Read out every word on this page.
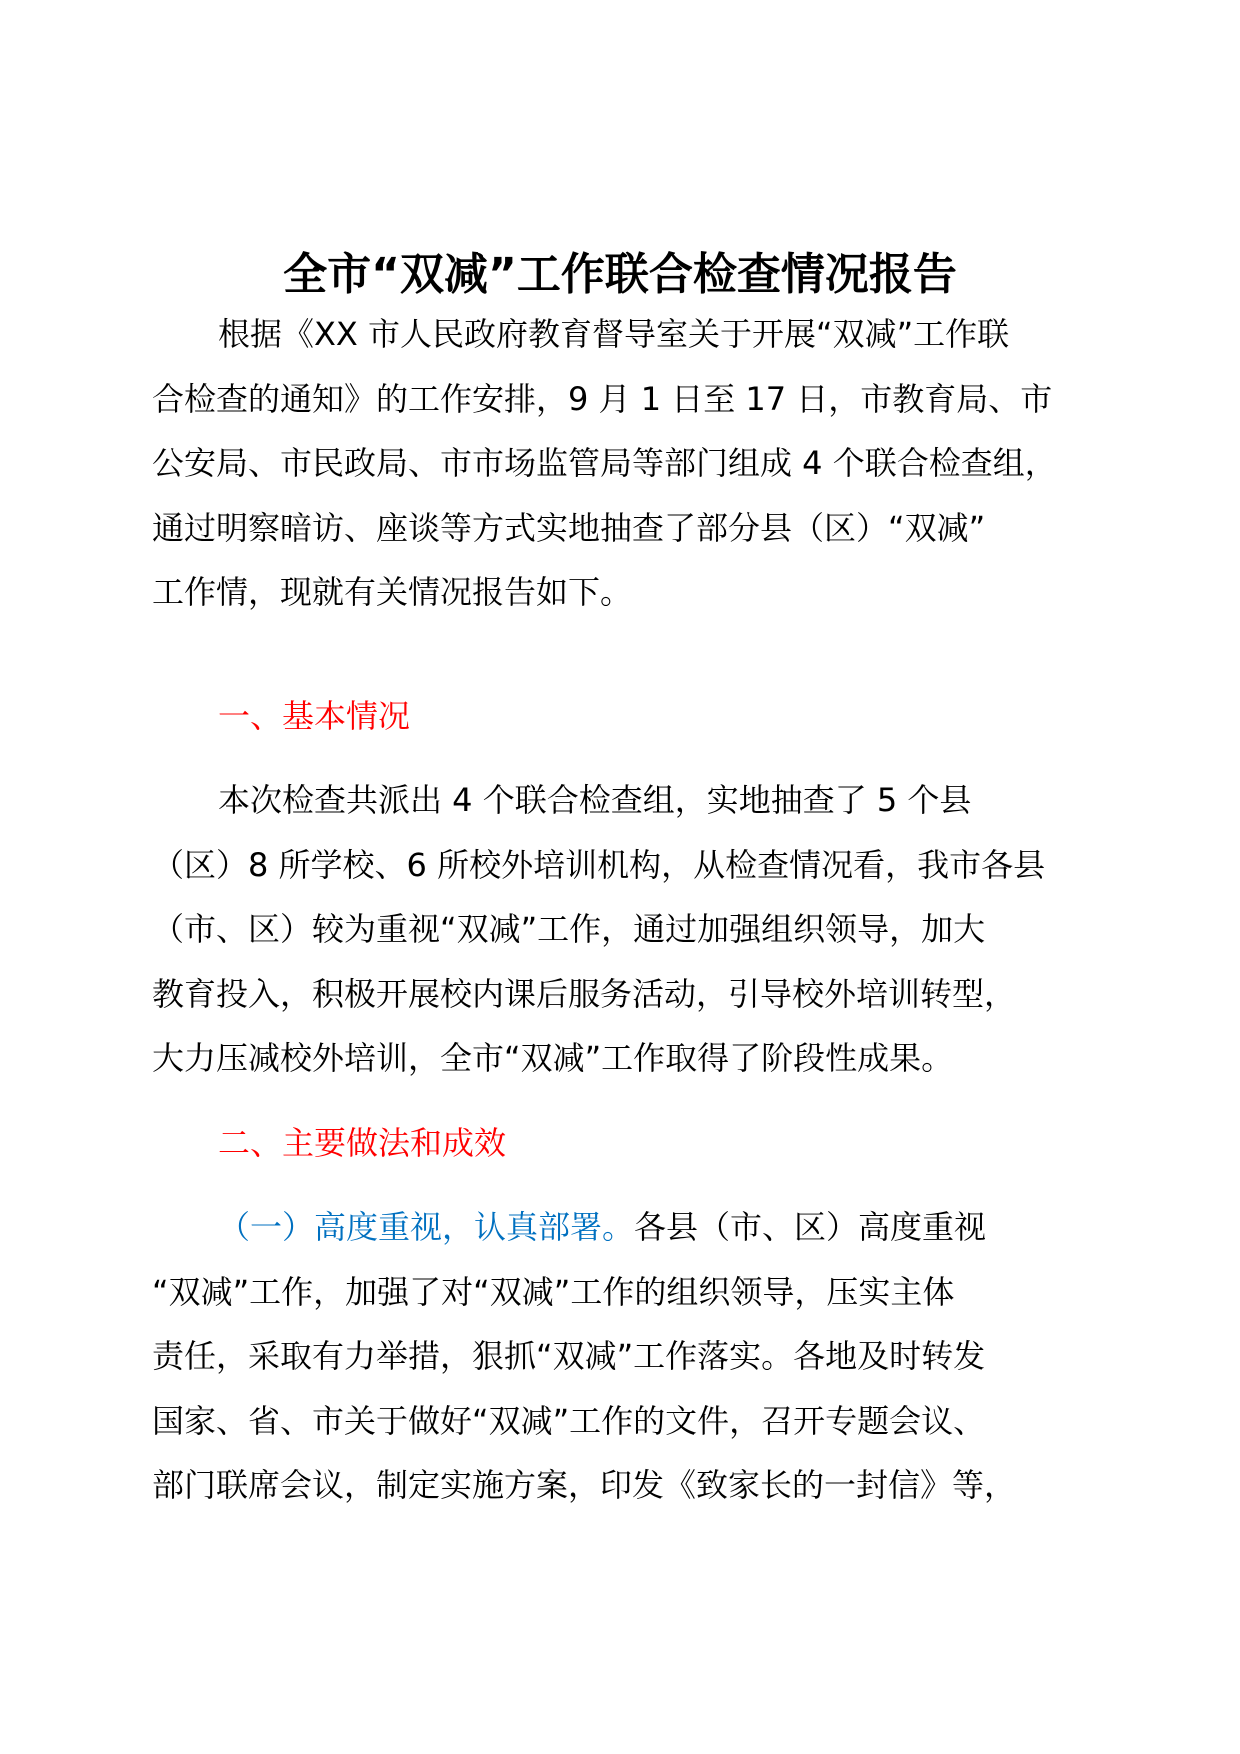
全市“双减”工作联合检查情况报告

根据《XX 市人民政府教育督导室关于开展“双减”工作联

合检查的通知》的工作安排，9 月 1 日至 17 日，市教育局、市

公安局、市民政局、市市场监管局等部门组成 4 个联合检查组，

通过明察暗访、座谈等方式实地抽查了部分县（区）“双减”

工作情，现就有关情况报告如下。

一、基本情况

本次检查共派出 4 个联合检查组，实地抽查了 5 个县

（区）8 所学校、6 所校外培训机构，从检查情况看，我市各县

（市、区）较为重视“双减”工作，通过加强组织领导，加大

教育投入，积极开展校内课后服务活动，引导校外培训转型，

大力压减校外培训，全市“双减”工作取得了阶段性成果。

二、主要做法和成效

（一）高度重视，认真部署。各县（市、区）高度重视

“双减”工作，加强了对“双减”工作的组织领导，压实主体

责任，采取有力举措，狠抓“双减”工作落实。各地及时转发

国家、省、市关于做好“双减”工作的文件，召开专题会议、

部门联席会议，制定实施方案，印发《致家长的一封信》等，
